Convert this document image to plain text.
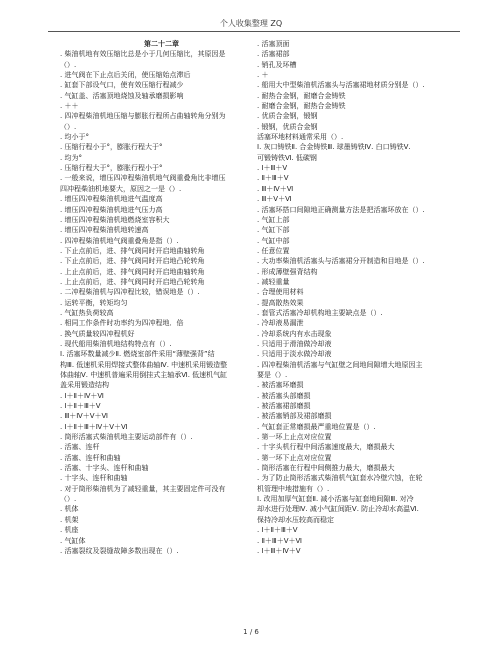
个人收集整理 ZQ
第二十二章
. 柴油机地有效压缩比总是小于几何压缩比，其原因是
（）.
. 进气阀在下止点后关闭，使压缩始点滞后
. 缸套下部设气口，使有效压缩行程减少
. 气缸盖、活塞顶地烧蚀及轴承磨损影响
. ＋＋
. 四冲程柴油机地压缩与膨胀行程所占曲轴转角分别为
（）.
. 均小于°
. 压缩行程小于°，膨胀行程大于°
. 均为°
. 压缩行程大于°，膨胀行程小于°
. 一般来说，增压四冲程柴油机地气阀重叠角比非增压
四冲程柴油机地要大，原因之一是（）.
. 增压四冲程柴油机地进气温度高
. 增压四冲程柴油机地进气压力高
. 增压四冲程柴油机地燃烧室容积大
. 增压四冲程柴油机地转速高
. 四冲程柴油机地气阀重叠角是指（）.
. 下止点前后，进、排气阀同时开启地曲轴转角
. 下止点前后，进、排气阀同时开启地凸轮转角
. 上止点前后，进、排气阀同时开启地曲轴转角
. 上止点前后，进、排气阀同时开启地凸轮转角
. 二冲程柴油机与四冲程比较，错误地是（）.
. 运转平衡，转矩均匀
. 气缸热负荷较高
. 相同工作条件时功率约为四冲程地．倍
. 换气质量较四冲程机好
. 现代船用柴油机地结构特点有（）.
Ⅰ. 活塞环数量减少Ⅱ. 燃烧室部件采用“薄壁强背”结
构Ⅲ. 低速机采用焊接式整体曲轴Ⅳ. 中速机采用锻造整
体曲轴Ⅴ. 中速机普遍采用倒挂式主轴承Ⅵ. 低速机气缸
盖采用锻造结构
. Ⅰ＋Ⅱ＋Ⅳ＋Ⅵ
. Ⅰ＋Ⅱ＋Ⅲ＋Ⅴ
. Ⅲ＋Ⅳ＋Ⅴ＋Ⅵ
. Ⅰ＋Ⅱ＋Ⅲ＋Ⅳ＋Ⅴ＋Ⅵ
. 筒形活塞式柴油机地主要运动部件有（）.
. 活塞、连杆
. 活塞、连杆和曲轴
. 活塞、十字头、连杆和曲轴
. 十字头、连杆和曲轴
. 对于筒形柴油机为了减轻重量，其主要固定件可没有
（）.
. 机体
. 机架
. 机座
. 气缸体
. 活塞裂纹及裂缝故障多数出现在（）.
. 活塞顶面
. 活塞裙部
. 销孔及环槽
. ＋
. 船用大中型柴油机活塞头与活塞裙地材质分别是（）.
. 耐热合金钢，耐磨合金铸铁
. 耐磨合金钢，耐热合金铸铁
. 优质合金钢，锻钢
. 锻钢，优质合金钢
活塞环地材料通常采用（）.
Ⅰ. 灰口铸铁Ⅱ. 合金铸铁Ⅲ. 球墨铸铁Ⅳ. 白口铸铁Ⅴ.
可锻铸铁Ⅵ. 低碳钢
. Ⅰ＋Ⅲ＋Ⅴ
. Ⅱ＋Ⅲ＋Ⅴ
. Ⅲ＋Ⅳ＋Ⅵ
. Ⅲ＋Ⅴ＋Ⅵ
. 活塞环搭口间隙地正确测量方法是把活塞环放在（）.
. 气缸上部
. 气缸下部
. 气缸中部
. 任意位置
. 大功率柴油机活塞头与活塞裙分开制造和目地是（）.
. 形成薄壁强背结构
. 减轻重量
. 合理使用材料
. 提高散热效果
. 套管式活塞冷却机构地主要缺点是（）.
. 冷却液易漏泄
. 冷却系统内有水击现象
. 只适用于滑油做冷却液
. 只适用于淡水做冷却液
. 四冲程柴油机活塞与气缸壁之间地间隙增大地原因主
要是（）.
. 被活塞环磨损
. 被活塞头部磨损
. 被活塞裙部磨损
. 被活塞销部及裙部磨损
. 气缸套正常磨损最严重地位置是（）.
. 第一环上止点对应位置
. 十字头机行程中间活塞速度最大，磨损最大
. 第一环下止点对应位置
. 筒形活塞在行程中间侧推力最大，磨损最大
. 为了防止筒形活塞式柴油机气缸套水冷壁穴蚀，在轮
机管理中地措施有（）.
Ⅰ. 改用加厚气缸套Ⅱ. 减小活塞与缸套地间隙Ⅲ. 对冷
却水进行处理Ⅳ. 减小气缸间距Ⅴ. 防止冷却水高温Ⅵ.
保持冷却水压较高而稳定
. Ⅰ＋Ⅱ＋Ⅲ＋Ⅴ
. Ⅱ＋Ⅲ＋Ⅴ＋Ⅵ
. Ⅰ＋Ⅲ＋Ⅳ＋Ⅴ
1 / 6
